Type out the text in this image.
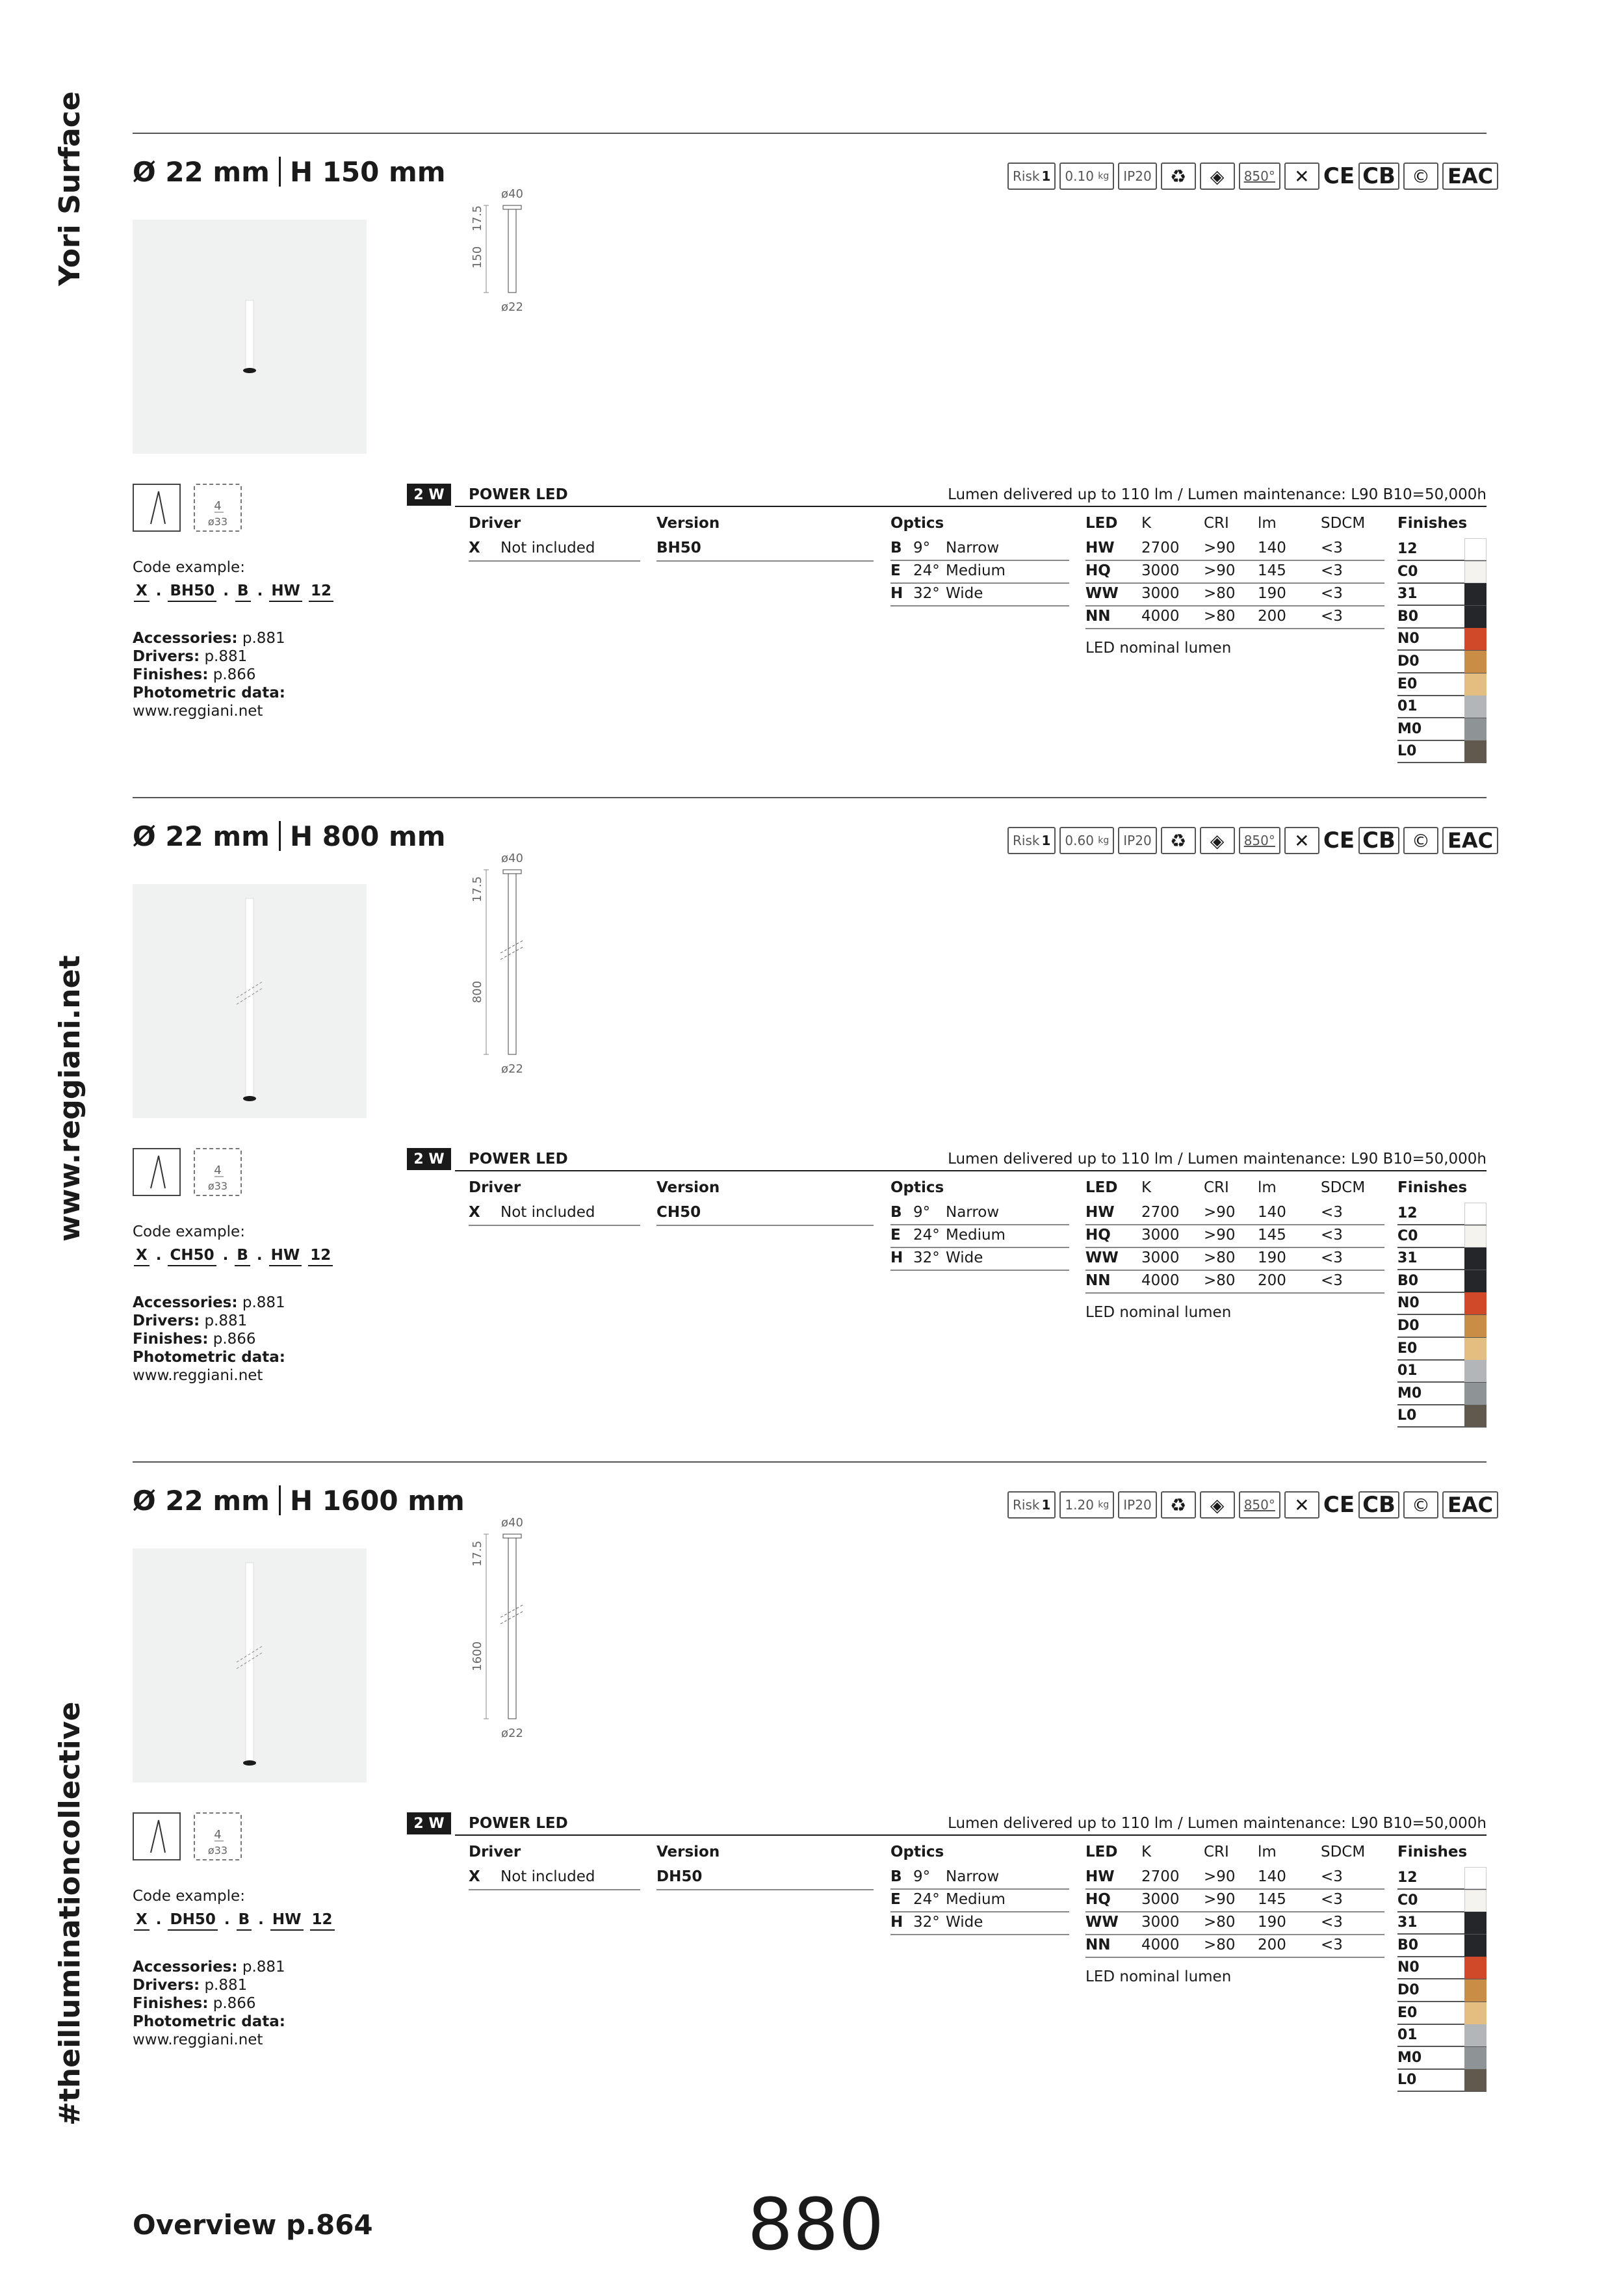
Yori Surface
www.reggiani.net
#theilluminationcollective
Ø 22 mm H 150 mm	Risk 1 0.10
kg	IP20	♻	◈	850°	✕ CE CB © EAC
ø40
ø22
17.5
150
4
ø33
Code example:
X . BH50 . B . HW 12
Accessories: p.881
Drivers: p.881
Finishes: p.866
Photometric data:
www.reggiani.net
2 W	POWER LED	Lumen delivered up to 110 lm / Lumen maintenance: L90 B10=50,000h
Driver	Version	Optics	LED K	CRI lm	SDCM Finishes
X Not included	BH50	B 9° Narrow
E 24° Medium
H 32° Wide
HW 2700 >90 140 <3
HQ 3000 >90 145 <3
WW 3000 >80 190 <3
NN 4000 >80 200 <3
LED nominal lumen
12
C0
31
B0
N0
D0
E0
01
M0
L0
Ø 22 mm H 800 mm	Risk 1 0.60
kg	IP20	♻	◈	850°	✕ CE CB © EAC
ø40
ø22
17.5
800
4
ø33
Code example:
X . CH50 . B . HW 12
Accessories: p.881
Drivers: p.881
Finishes: p.866
Photometric data:
www.reggiani.net
2 W	POWER LED	Lumen delivered up to 110 lm / Lumen maintenance: L90 B10=50,000h
Driver	Version	Optics	LED K	CRI lm	SDCM Finishes
X Not included	CH50	B 9° Narrow
E 24° Medium
H 32° Wide
HW 2700 >90 140 <3
HQ 3000 >90 145 <3
WW 3000 >80 190 <3
NN 4000 >80 200 <3
LED nominal lumen
12
C0
31
B0
N0
D0
E0
01
M0
L0
Ø 22 mm H 1600 mm	Risk 1 1.20
kg	IP20	♻	◈	850°	✕ CE CB © EAC
ø40
ø22
17.5
1600
4
ø33
Code example:
X . DH50 . B . HW 12
Accessories: p.881
Drivers: p.881
Finishes: p.866
Photometric data:
www.reggiani.net
2 W	POWER LED	Lumen delivered up to 110 lm / Lumen maintenance: L90 B10=50,000h
Driver	Version	Optics	LED K	CRI lm	SDCM Finishes
X Not included	DH50	B 9° Narrow
E 24° Medium
H 32° Wide
HW 2700 >90 140 <3
HQ 3000 >90 145 <3
WW 3000 >80 190 <3
NN 4000 >80 200 <3
LED nominal lumen
12
C0
31
B0
N0
D0
E0
01
M0
L0
Overview p.864	880
